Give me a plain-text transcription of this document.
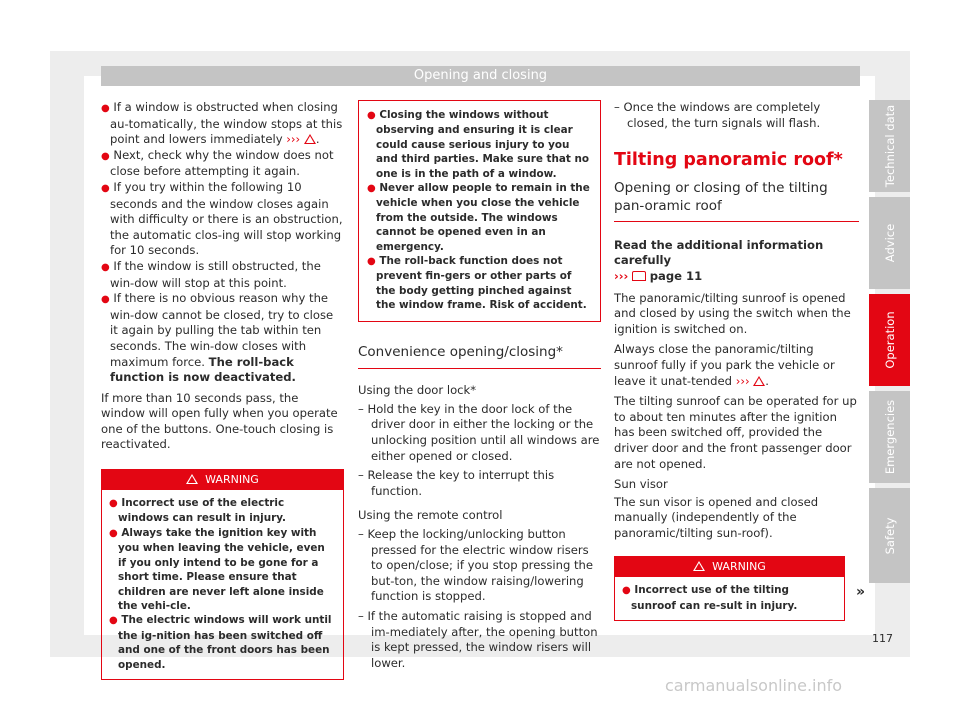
Opening and closing

● If a window is obstructed when closing au-tomatically, the window stops at this point and lowers immediately ››› .

● Next, check why the window does not close before attempting it again.

● If you try within the following 10 seconds and the window closes again with difficulty or there is an obstruction, the automatic clos-ing will stop working for 10 seconds.

● If the window is still obstructed, the win-dow will stop at this point.

● If there is no obvious reason why the win-dow cannot be closed, try to close it again by pulling the tab within ten seconds. The win-dow closes with maximum force. The roll-back function is now deactivated.

If more than 10 seconds pass, the window will open fully when you operate one of the buttons. One-touch closing is reactivated.

WARNING

● Incorrect use of the electric windows can result in injury.

● Always take the ignition key with you when leaving the vehicle, even if you only intend to be gone for a short time. Please ensure that children are never left alone inside the vehi-cle.

● The electric windows will work until the ig-nition has been switched off and one of the front doors has been opened.

● Closing the windows without observing and ensuring it is clear could cause serious injury to you and third parties. Make sure that no one is in the path of a window.

● Never allow people to remain in the vehicle when you close the vehicle from the outside. The windows cannot be opened even in an emergency.

● The roll-back function does not prevent fin-gers or other parts of the body getting pinched against the window frame. Risk of accident.

Convenience opening/closing*

Using the door lock*

– Hold the key in the door lock of the driver door in either the locking or the unlocking position until all windows are either opened or closed.

– Release the key to interrupt this function.

Using the remote control

– Keep the locking/unlocking button pressed for the electric window risers to open/close; if you stop pressing the but-ton, the window raising/lowering function is stopped.

– If the automatic raising is stopped and im-mediately after, the opening button is kept pressed, the window risers will lower.

– Once the windows are completely closed, the turn signals will flash.

Tilting panoramic roof*
Opening or closing of the tilting pan-oramic roof

Read the additional information carefully
››› page 11

The panoramic/tilting sunroof is opened and closed by using the switch when the ignition is switched on.

Always close the panoramic/tilting sunroof fully if you park the vehicle or leave it unat-tended ››› .

The tilting sunroof can be operated for up to about ten minutes after the ignition has been switched off, provided the driver door and the front passenger door are not opened.

Sun visor

The sun visor is opened and closed manually (independently of the panoramic/tilting sun-roof).

WARNING

● Incorrect use of the tilting sunroof can re-sult in injury.

»
Technical data
Advice
Operation
Emergencies
Safety
117
carmanualsonline.info
